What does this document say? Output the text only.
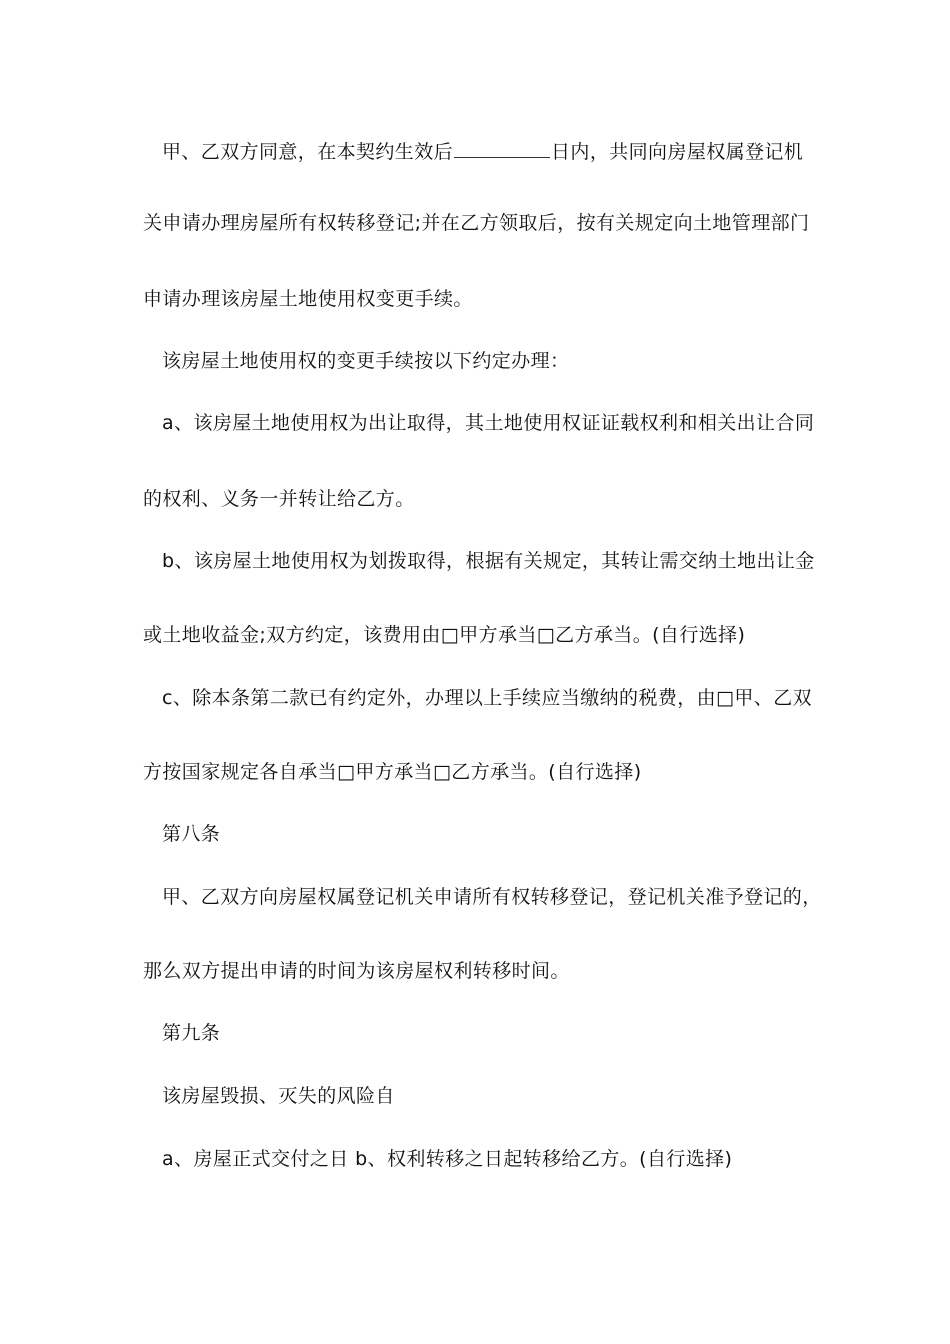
甲、乙双方同意，在本契约生效后	日内，共同向房屋权属登记机
关申请办理房屋所有权转移登记;并在乙方领取后，按有关规定向土地管理部门
申请办理该房屋土地使用权变更手续。
该房屋土地使用权的变更手续按以下约定办理：
a、该房屋土地使用权为出让取得，其土地使用权证证载权利和相关出让合同
的权利、义务一并转让给乙方。
b、该房屋土地使用权为划拨取得，根据有关规定，其转让需交纳土地出让金
或土地收益金;双方约定，该费用由□甲方承当□乙方承当。(自行选择)
c、除本条第二款已有约定外，办理以上手续应当缴纳的税费，由□甲、乙双
方按国家规定各自承当□甲方承当□乙方承当。(自行选择)
第八条
甲、乙双方向房屋权属登记机关申请所有权转移登记，登记机关准予登记的，
那么双方提出申请的时间为该房屋权利转移时间。
第九条
该房屋毁损、灭失的风险自
a、房屋正式交付之日 b、权利转移之日起转移给乙方。(自行选择)
